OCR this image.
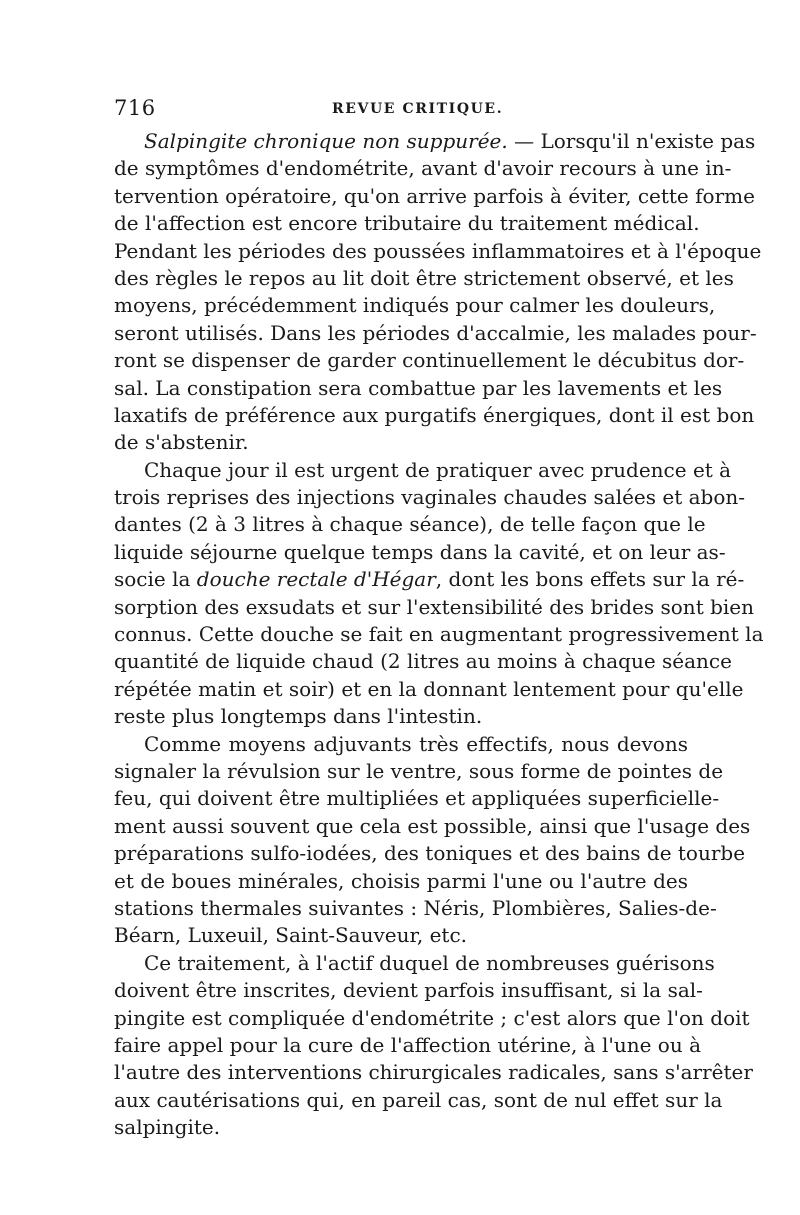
716	REVUE CRITIQUE.
Salpingite chronique non suppurée. — Lorsqu'il n'existe pas
de symptômes d'endométrite, avant d'avoir recours à une in-
tervention opératoire, qu'on arrive parfois à éviter, cette forme
de l'affection est encore tributaire du traitement médical.
Pendant les périodes des poussées inflammatoires et à l'époque
des règles le repos au lit doit être strictement observé, et les
moyens, précédemment indiqués pour calmer les douleurs,
seront utilisés. Dans les périodes d'accalmie, les malades pour-
ront se dispenser de garder continuellement le décubitus dor-
sal. La constipation sera combattue par les lavements et les
laxatifs de préférence aux purgatifs énergiques, dont il est bon
de s'abstenir.
Chaque jour il est urgent de pratiquer avec prudence et à
trois reprises des injections vaginales chaudes salées et abon-
dantes (2 à 3 litres à chaque séance), de telle façon que le
liquide séjourne quelque temps dans la cavité, et on leur as-
socie la douche rectale d'Hégar, dont les bons effets sur la ré-
sorption des exsudats et sur l'extensibilité des brides sont bien
connus. Cette douche se fait en augmentant progressivement la
quantité de liquide chaud (2 litres au moins à chaque séance
répétée matin et soir) et en la donnant lentement pour qu'elle
reste plus longtemps dans l'intestin.
Comme moyens adjuvants très effectifs, nous devons
signaler la révulsion sur le ventre, sous forme de pointes de
feu, qui doivent être multipliées et appliquées superficielle-
ment aussi souvent que cela est possible, ainsi que l'usage des
préparations sulfo-iodées, des toniques et des bains de tourbe
et de boues minérales, choisis parmi l'une ou l'autre des
stations thermales suivantes : Néris, Plombières, Salies-de-
Béarn, Luxeuil, Saint-Sauveur, etc.
Ce traitement, à l'actif duquel de nombreuses guérisons
doivent être inscrites, devient parfois insuffisant, si la sal-
pingite est compliquée d'endométrite ; c'est alors que l'on doit
faire appel pour la cure de l'affection utérine, à l'une ou à
l'autre des interventions chirurgicales radicales, sans s'arrêter
aux cautérisations qui, en pareil cas, sont de nul effet sur la
salpingite.
